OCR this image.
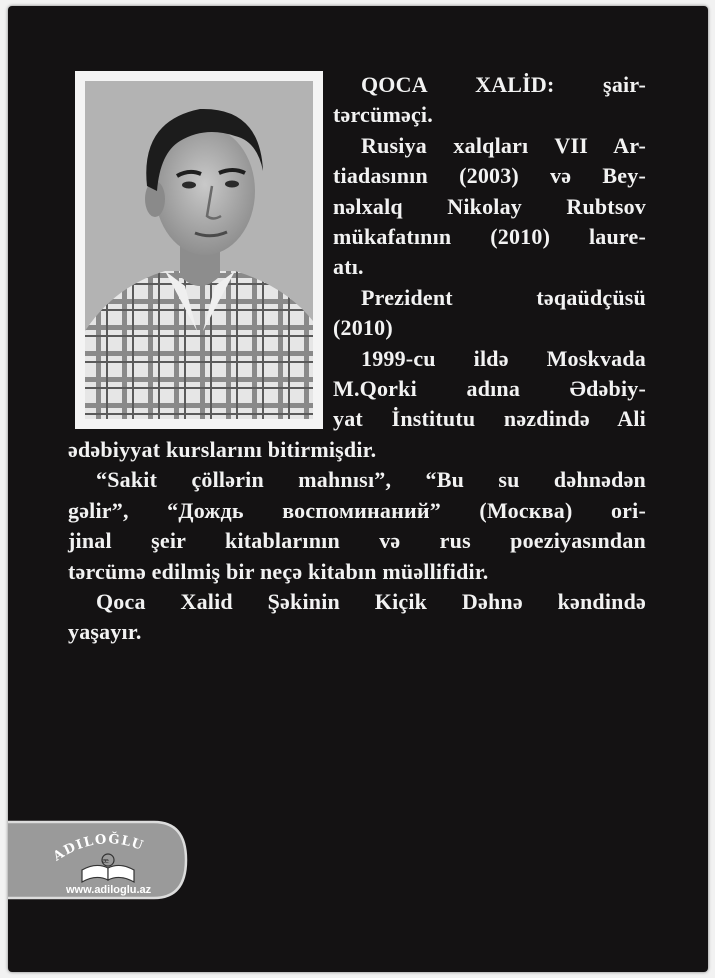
QOCA XALİD: şair-
tərcüməçi.
Rusiya xalqları VII Ar-
tiadasının (2003) və Bey-
nəlxalq Nikolay Rubtsov
mükafatının (2010) laure-
atı.
Prezident təqaüdçüsü
(2010)
1999-cu ildə Moskvada
M.Qorki adına Ədəbiy-
yat İnstitutu nəzdində Ali
ədəbiyyat kurslarını bitirmişdir.
“Sakit çöllərin mahnısı”, “Bu su dəhnədən
gəlir”, “Дождь воспоминаний” (Москва) ori-
jinal şeir kitablarının və rus poeziyasından
tərcümə edilmiş bir neçə kitabın müəllifidir.
Qoca Xalid Şəkinin Kiçik Dəhnə kəndində
yaşayır.
ADILOĞLU
æ
www.adiloglu.az
